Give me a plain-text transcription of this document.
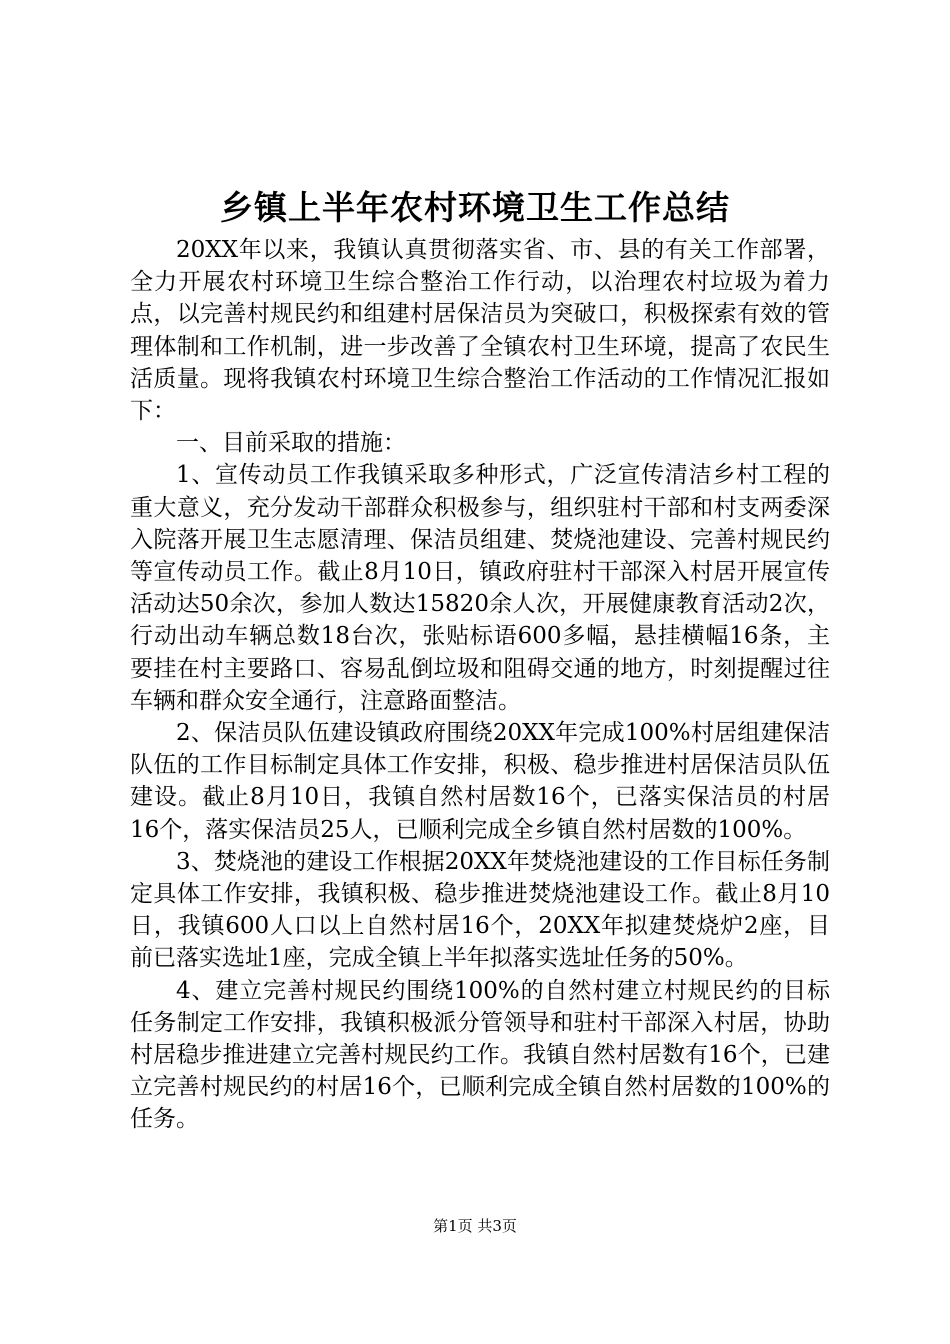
乡镇上半年农村环境卫生工作总结

20XX年以来，我镇认真贯彻落实省、市、县的有关工作部署，全力开展农村环境卫生综合整治工作行动，以治理农村垃圾为着力点，以完善村规民约和组建村居保洁员为突破口，积极探索有效的管理体制和工作机制，进一步改善了全镇农村卫生环境，提高了农民生活质量。现将我镇农村环境卫生综合整治工作活动的工作情况汇报如下：

一、目前采取的措施：

1、宣传动员工作我镇采取多种形式，广泛宣传清洁乡村工程的重大意义，充分发动干部群众积极参与，组织驻村干部和村支两委深入院落开展卫生志愿清理、保洁员组建、焚烧池建设、完善村规民约等宣传动员工作。截止8月10日，镇政府驻村干部深入村居开展宣传活动达50余次，参加人数达15820余人次，开展健康教育活动2次，行动出动车辆总数18台次，张贴标语600多幅，悬挂横幅16条，主要挂在村主要路口、容易乱倒垃圾和阻碍交通的地方，时刻提醒过往车辆和群众安全通行，注意路面整洁。

2、保洁员队伍建设镇政府围绕20XX年完成100%村居组建保洁队伍的工作目标制定具体工作安排，积极、稳步推进村居保洁员队伍建设。截止8月10日，我镇自然村居数16个，已落实保洁员的村居16个，落实保洁员25人，已顺利完成全乡镇自然村居数的100%。

3、焚烧池的建设工作根据20XX年焚烧池建设的工作目标任务制定具体工作安排，我镇积极、稳步推进焚烧池建设工作。截止8月10日，我镇600人口以上自然村居16个，20XX年拟建焚烧炉2座，目前已落实选址1座，完成全镇上半年拟落实选址任务的50%。

4、建立完善村规民约围绕100%的自然村建立村规民约的目标任务制定工作安排，我镇积极派分管领导和驻村干部深入村居，协助村居稳步推进建立完善村规民约工作。我镇自然村居数有16个，已建立完善村规民约的村居16个，已顺利完成全镇自然村居数的100%的任务。

第1页 共3页
